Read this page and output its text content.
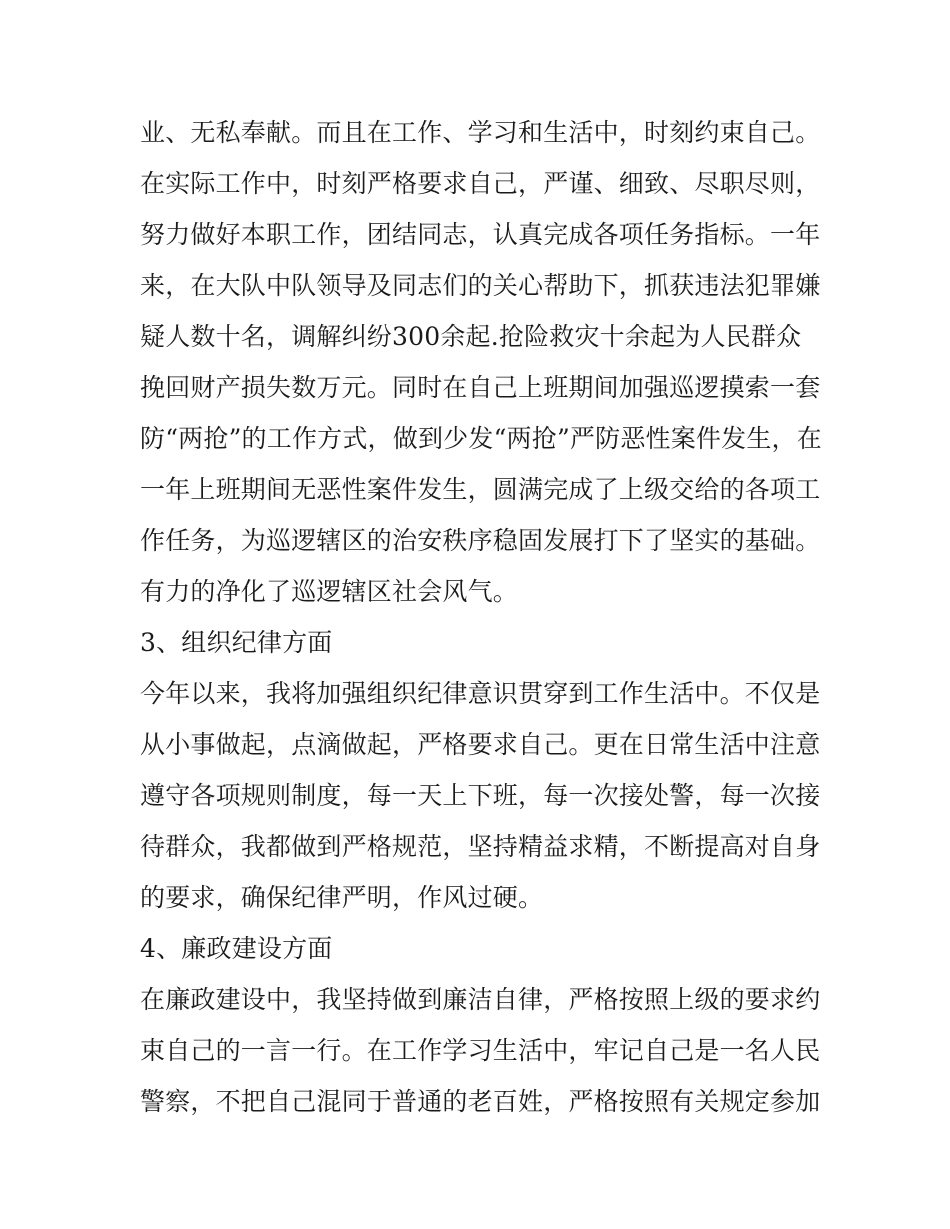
业、无私奉献。而且在工作、学习和生活中，时刻约束自己。
在实际工作中，时刻严格要求自己，严谨、细致、尽职尽则，
努力做好本职工作，团结同志，认真完成各项任务指标。一年
来，在大队中队领导及同志们的关心帮助下，抓获违法犯罪嫌
疑人数十名，调解纠纷300余起.抢险救灾十余起为人民群众
挽回财产损失数万元。同时在自己上班期间加强巡逻摸索一套
防“两抢”的工作方式，做到少发“两抢”严防恶性案件发生，在
一年上班期间无恶性案件发生，圆满完成了上级交给的各项工
作任务，为巡逻辖区的治安秩序稳固发展打下了坚实的基础。
有力的净化了巡逻辖区社会风气。
3、组织纪律方面
今年以来，我将加强组织纪律意识贯穿到工作生活中。不仅是
从小事做起，点滴做起，严格要求自己。更在日常生活中注意
遵守各项规则制度，每一天上下班，每一次接处警，每一次接
待群众，我都做到严格规范，坚持精益求精，不断提高对自身
的要求，确保纪律严明，作风过硬。
4、廉政建设方面
在廉政建设中，我坚持做到廉洁自律，严格按照上级的要求约
束自己的一言一行。在工作学习生活中，牢记自己是一名人民
警察，不把自己混同于普通的老百姓，严格按照有关规定参加
